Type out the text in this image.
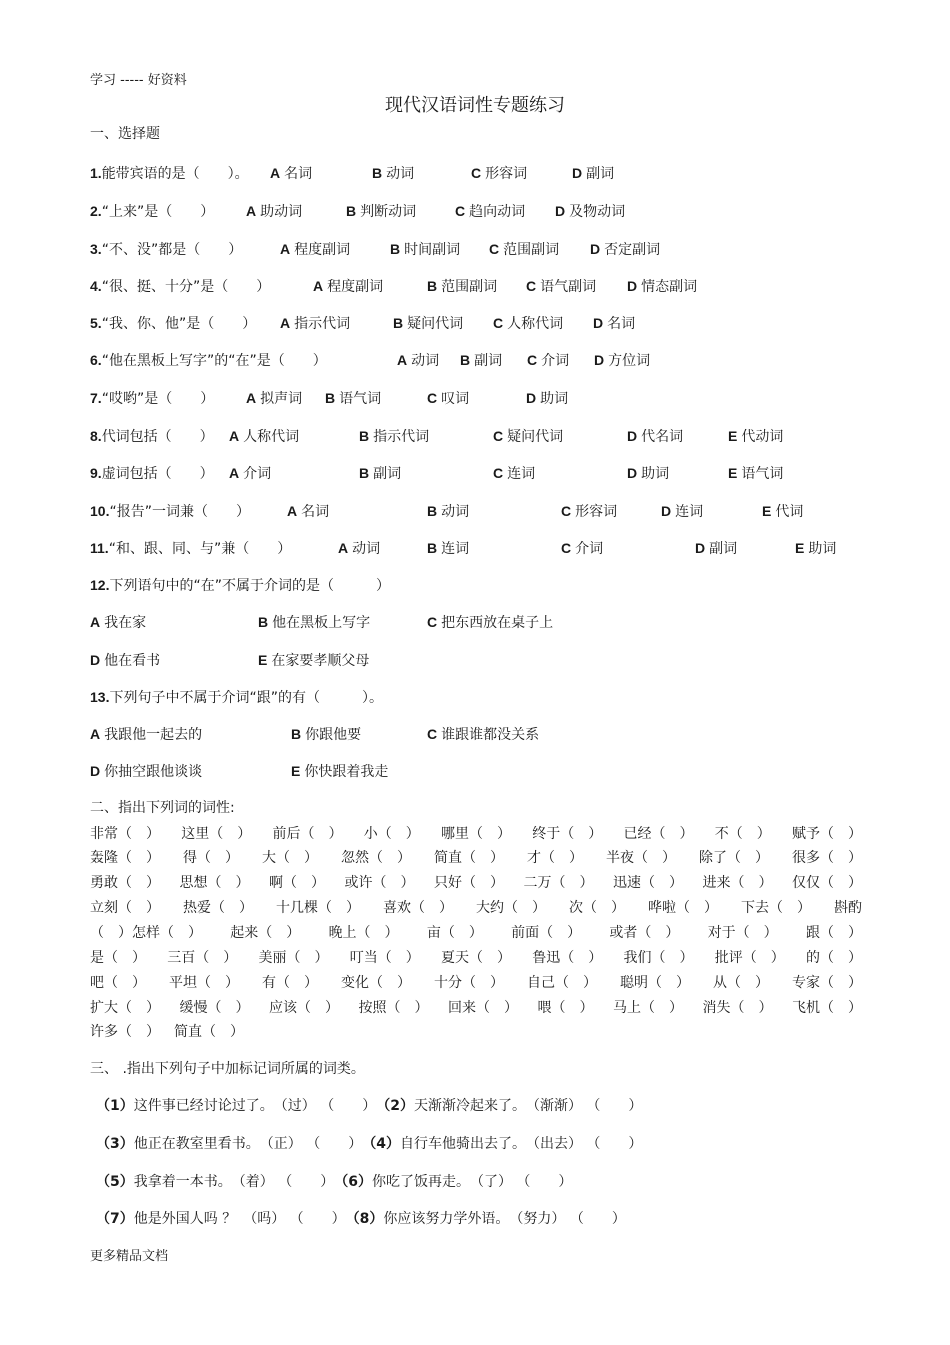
学习 ----- 好资料
现代汉语词性专题练习
一、选择题
1.能带宾语的是（　　）。 A 名词	B 动词	C 形容词	D 副词
2.“上来”是（　　） A 助动词	B 判断动词	C 趋向动词 D 及物动词
3.“不、没”都是（　　）	A 程度副词	B 时间副词 C 范围副词 D 否定副词
4.“很、挺、十分”是（　　）	A 程度副词	B 范围副词 C 语气副词 D 情态副词
5.“我、你、他”是（　　） A 指示代词	B 疑问代词 C 人称代词 D 名词
6.“他在黑板上写字”的“在”是（　　）	A 动词 B 副词 C 介词 D 方位词
7.“哎哟”是（　　） A 拟声词 B 语气词	C 叹词	D 助词
8.代词包括（　　） A 人称代词	B 指示代词	C 疑问代词	D 代名词	E 代动词
9.虚词包括（　　） A 介词	B 副词	C 连词	D 助词	E 语气词
10.“报告”一词兼（　　）	A 名词	B 动词	C 形容词	D 连词	E 代词
11.“和、跟、同、与”兼（　　）	A 动词	B 连词	C 介词	D 副词	E 助词
12.下列语句中的“在”不属于介词的是（　　　）
A 我在家	B 他在黑板上写字	C 把东西放在桌子上
D 他在看书	E 在家要孝顺父母
13.下列句子中不属于介词“跟”的有（　　　）。
A 我跟他一起去的	B 你跟他要	C 谁跟谁都没关系
D 你抽空跟他谈谈	E 你快跟着我走
二、指出下列词的词性:
非常（　） 这里（　） 前后（　） 小（　） 哪里（　） 终于（　） 已经（　） 不（　） 赋予（　）
轰隆（　） 得（　） 大（　） 忽然（　） 简直（　） 才（　） 半夜（　） 除了（　） 很多（　）
勇敢（　） 思想（　） 啊（　） 或许（　） 只好（　） 二万（　） 迅速（　） 进来（　） 仅仅（　）
立刻（　） 热爱（　） 十几棵（　） 喜欢（　） 大约（　） 次（　） 哗啦（　） 下去（　） 斟酌
（　）怎样（　） 起来（　） 晚上（　） 亩（　） 前面（　） 或者（　） 对于（　） 跟（　）
是（　） 三百（　） 美丽（　） 叮当（　） 夏天（　） 鲁迅（　） 我们（　） 批评（　） 的（　）
吧（　） 平坦（　） 有（　） 变化（　） 十分（　） 自己（　） 聪明（　） 从（　） 专家（　）
扩大（　） 缓慢（　） 应该（　） 按照（　） 回来（　） 喂（　） 马上（　） 消失（　） 飞机（　）
许多（　） 简直（　）
三、 .指出下列句子中加标记词所属的词类。
（1）这件事已经讨论过了。　 （过） （　　）（2）天渐渐冷起来了。　 （渐渐） （　　）
（3）他正在教室里看书。　 （正） （　　）（4）自行车他骑出去了。　 （出去） （　　）
（5）我拿着一本书。　 （着） （　　）（6）你吃了饭再走。　 （了） （　　）
（7）他是外国人吗 ？　 （吗） （　　）（8）你应该努力学外语。　 （努力） （　　）
更多精品文档
